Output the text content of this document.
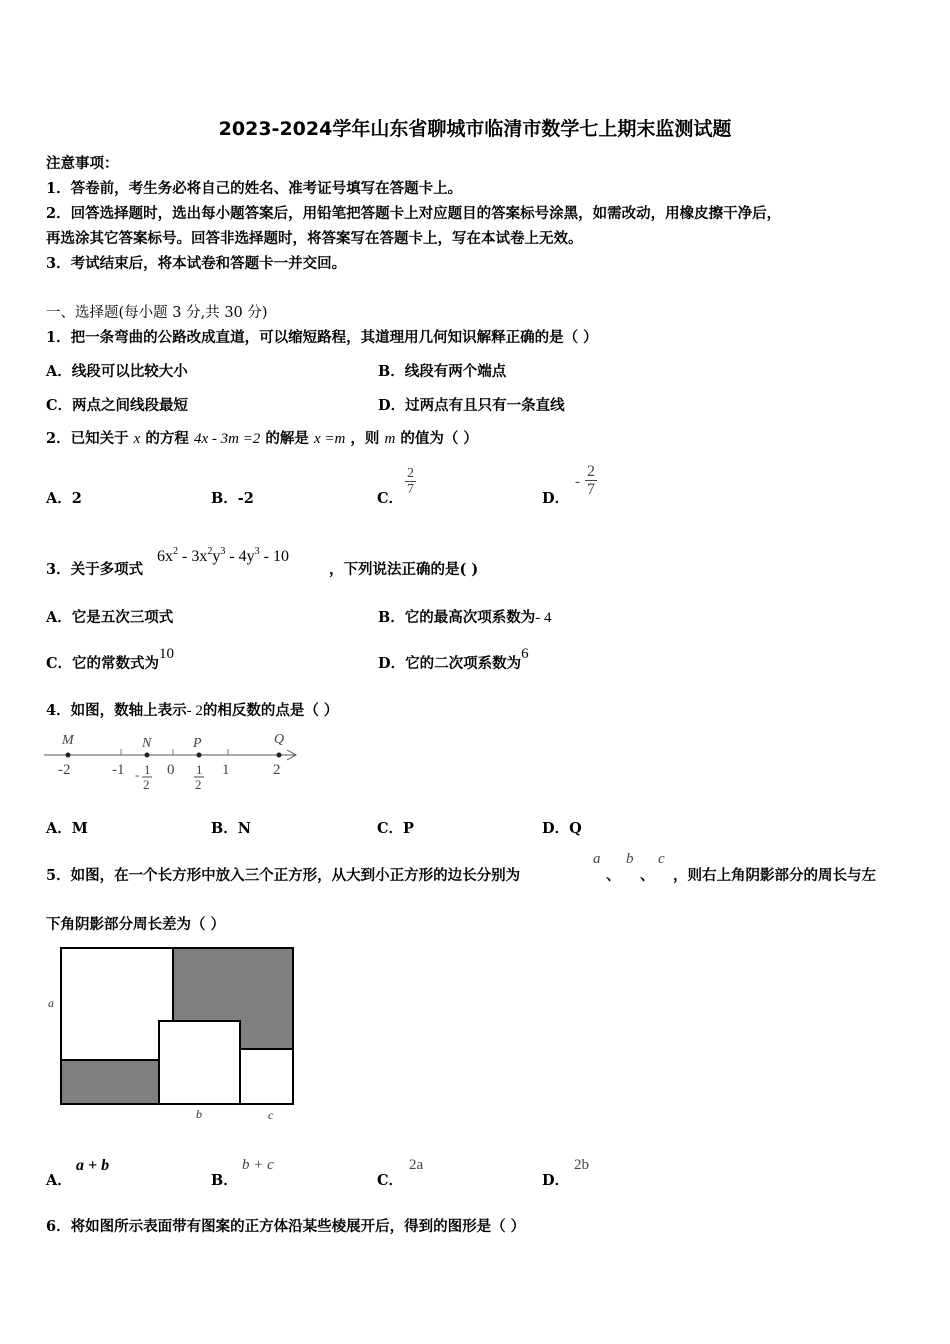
2023-2024学年山东省聊城市临清市数学七上期末监测试题
注意事项：
1．答卷前，考生务必将自己的姓名、准考证号填写在答题卡上。
2．回答选择题时，选出每小题答案后，用铅笔把答题卡上对应题目的答案标号涂黑，如需改动，用橡皮擦干净后，
再选涂其它答案标号。回答非选择题时，将答案写在答题卡上，写在本试卷上无效。
3．考试结束后，将本试卷和答题卡一并交回。
一、选择题(每小题 3 分,共 30 分)
1．把一条弯曲的公路改成直道，可以缩短路程，其道理用几何知识解释正确的是（ ）
A．线段可以比较大小	B．线段有两个端点
C．两点之间线段最短	D．过两点有且只有一条直线
2．已知关于 x 的方程 4x - 3m =2 的解是 x =m ，则 m 的值为（ ）
A．2	B．-2	C．
$\frac{2}{7}$
D．
- $\frac{2}{7}$
3．关于多项式
$6x^2 - 3x^2y^3 - 4y^3 - 10$
，下列说法正确的是( )
A．它是五次三项式	B．它的最高次项系数为- 4
C．它的常数式为10
D．它的二次项系数为6
4．如图，数轴上表示- 2的相反数的点是（ ）
M	N	P	Q
-2	-1	0	1	2
- 1
2
1
2
A．M	B．N	C．P	D．Q
5．如图，在一个长方形中放入三个正方形，从大到小正方形的边长分别为
a
、
b
、
c
，则右上角阴影部分的周长与左
下角阴影部分周长差为（ ）
a
b	c
A．
a + b
B．
b + c
C．
2a
D．
2b
6．将如图所示表面带有图案的正方体沿某些棱展开后，得到的图形是（ ）
